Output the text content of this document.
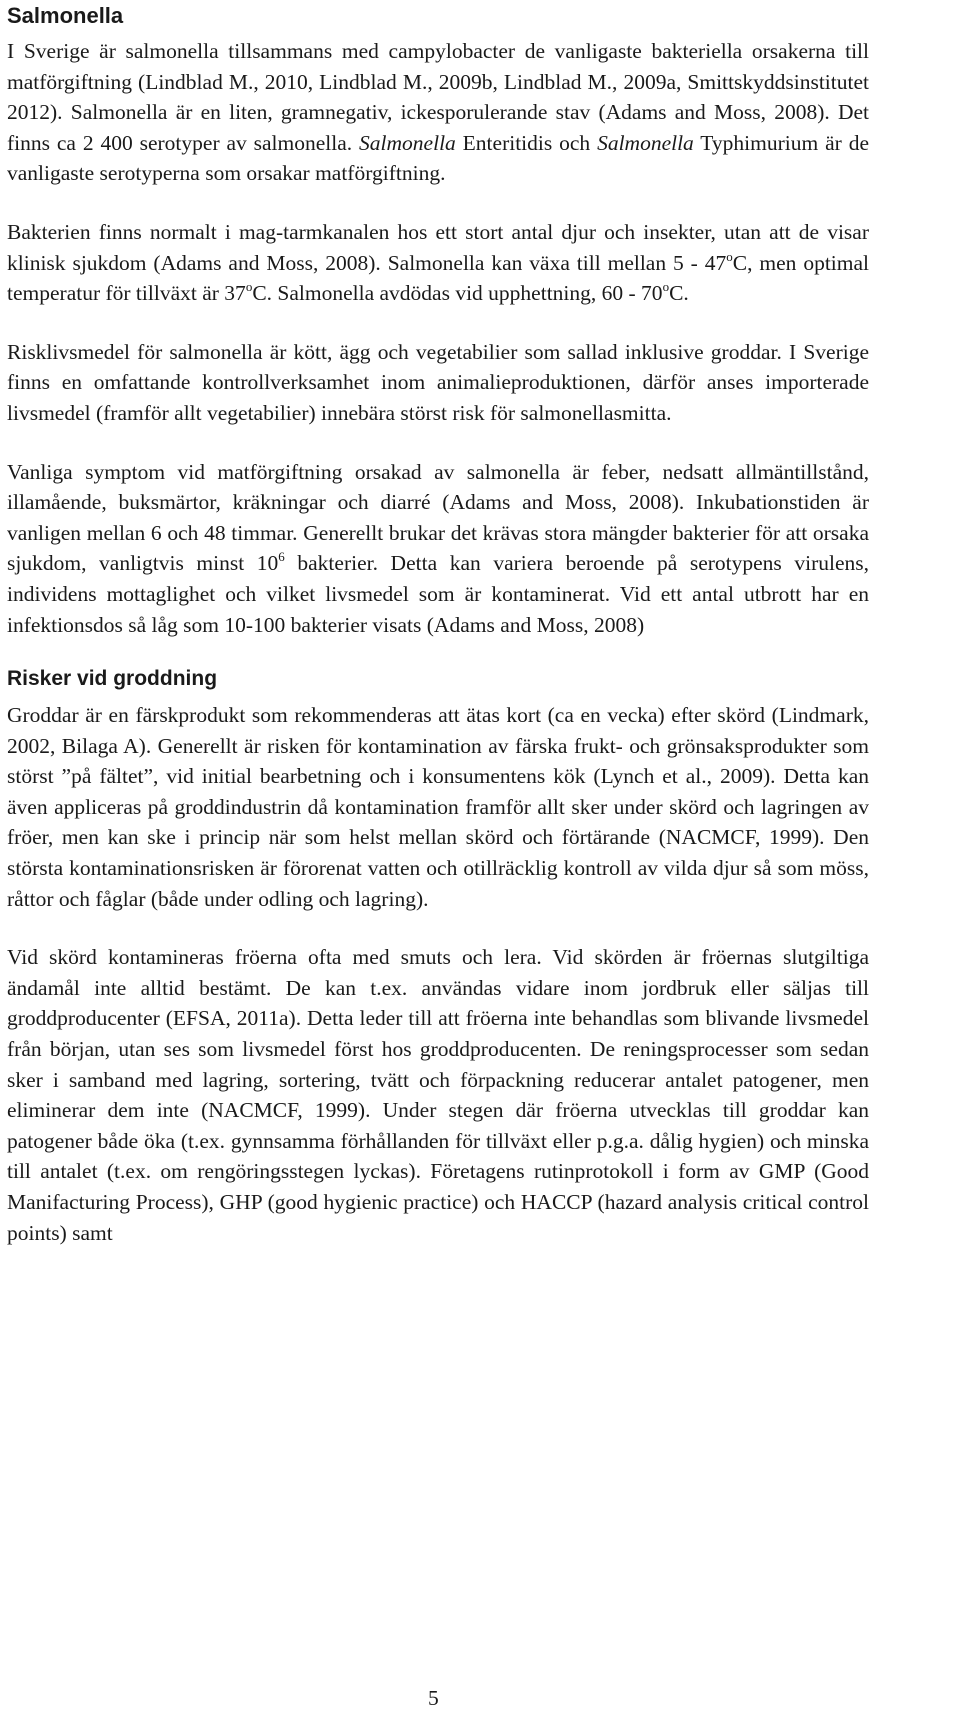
Salmonella

I Sverige är salmonella tillsammans med campylobacter de vanligaste bakteriella orsakerna till matförgiftning (Lindblad M., 2010, Lindblad M., 2009b, Lindblad M., 2009a, Smittskyddsinstitutet 2012). Salmonella är en liten, gramnegativ, ickesporulerande stav (Adams and Moss, 2008). Det finns ca 2 400 serotyper av salmonella. Salmonella Enteritidis och Salmonella Typhimurium är de vanligaste serotyperna som orsakar matförgiftning.

Bakterien finns normalt i mag-tarmkanalen hos ett stort antal djur och insekter, utan att de visar klinisk sjukdom (Adams and Moss, 2008). Salmonella kan växa till mellan 5 - 47$^o$C, men optimal temperatur för tillväxt är 37$^o$C. Salmonella avdödas vid upphettning, 60 - 70$^o$C.

Risklivsmedel för salmonella är kött, ägg och vegetabilier som sallad inklusive groddar. I Sverige finns en omfattande kontrollverksamhet inom animalieproduktionen, därför anses importerade livsmedel (framför allt vegetabilier) innebära störst risk för salmonellasmitta.

Vanliga symptom vid matförgiftning orsakad av salmonella är feber, nedsatt allmäntillstånd, illamående, buksmärtor, kräkningar och diarré (Adams and Moss, 2008). Inkubationstiden är vanligen mellan 6 och 48 timmar. Generellt brukar det krävas stora mängder bakterier för att orsaka sjukdom, vanligtvis minst $10^6$ bakterier. Detta kan variera beroende på serotypens virulens, individens mottaglighet och vilket livsmedel som är kontaminerat. Vid ett antal utbrott har en infektionsdos så låg som 10-100 bakterier visats (Adams and Moss, 2008)

Risker vid groddning

Groddar är en färskprodukt som rekommenderas att ätas kort (ca en vecka) efter skörd (Lindmark, 2002, Bilaga A). Generellt är risken för kontamination av färska frukt- och grönsaksprodukter som störst ”på fältet”, vid initial bearbetning och i konsumentens kök (Lynch et al., 2009). Detta kan även appliceras på groddindustrin då kontamination framför allt sker under skörd och lagringen av fröer, men kan ske i princip när som helst mellan skörd och förtärande (NACMCF, 1999). Den största kontaminationsrisken är förorenat vatten och otillräcklig kontroll av vilda djur så som möss, råttor och fåglar (både under odling och lagring).

Vid skörd kontamineras fröerna ofta med smuts och lera. Vid skörden är fröernas slutgiltiga ändamål inte alltid bestämt. De kan t.ex. användas vidare inom jordbruk eller säljas till groddproducenter (EFSA, 2011a). Detta leder till att fröerna inte behandlas som blivande livsmedel från början, utan ses som livsmedel först hos groddproducenten. De reningsprocesser som sedan sker i samband med lagring, sortering, tvätt och förpackning reducerar antalet patogener, men eliminerar dem inte (NACMCF, 1999). Under stegen där fröerna utvecklas till groddar kan patogener både öka (t.ex. gynnsamma förhållanden för tillväxt eller p.g.a. dålig hygien) och minska till antalet (t.ex. om rengöringsstegen lyckas). Företagens rutinprotokoll i form av GMP (Good Manifacturing Process), GHP (good hygienic practice) och HACCP (hazard analysis critical control points) samt

5
